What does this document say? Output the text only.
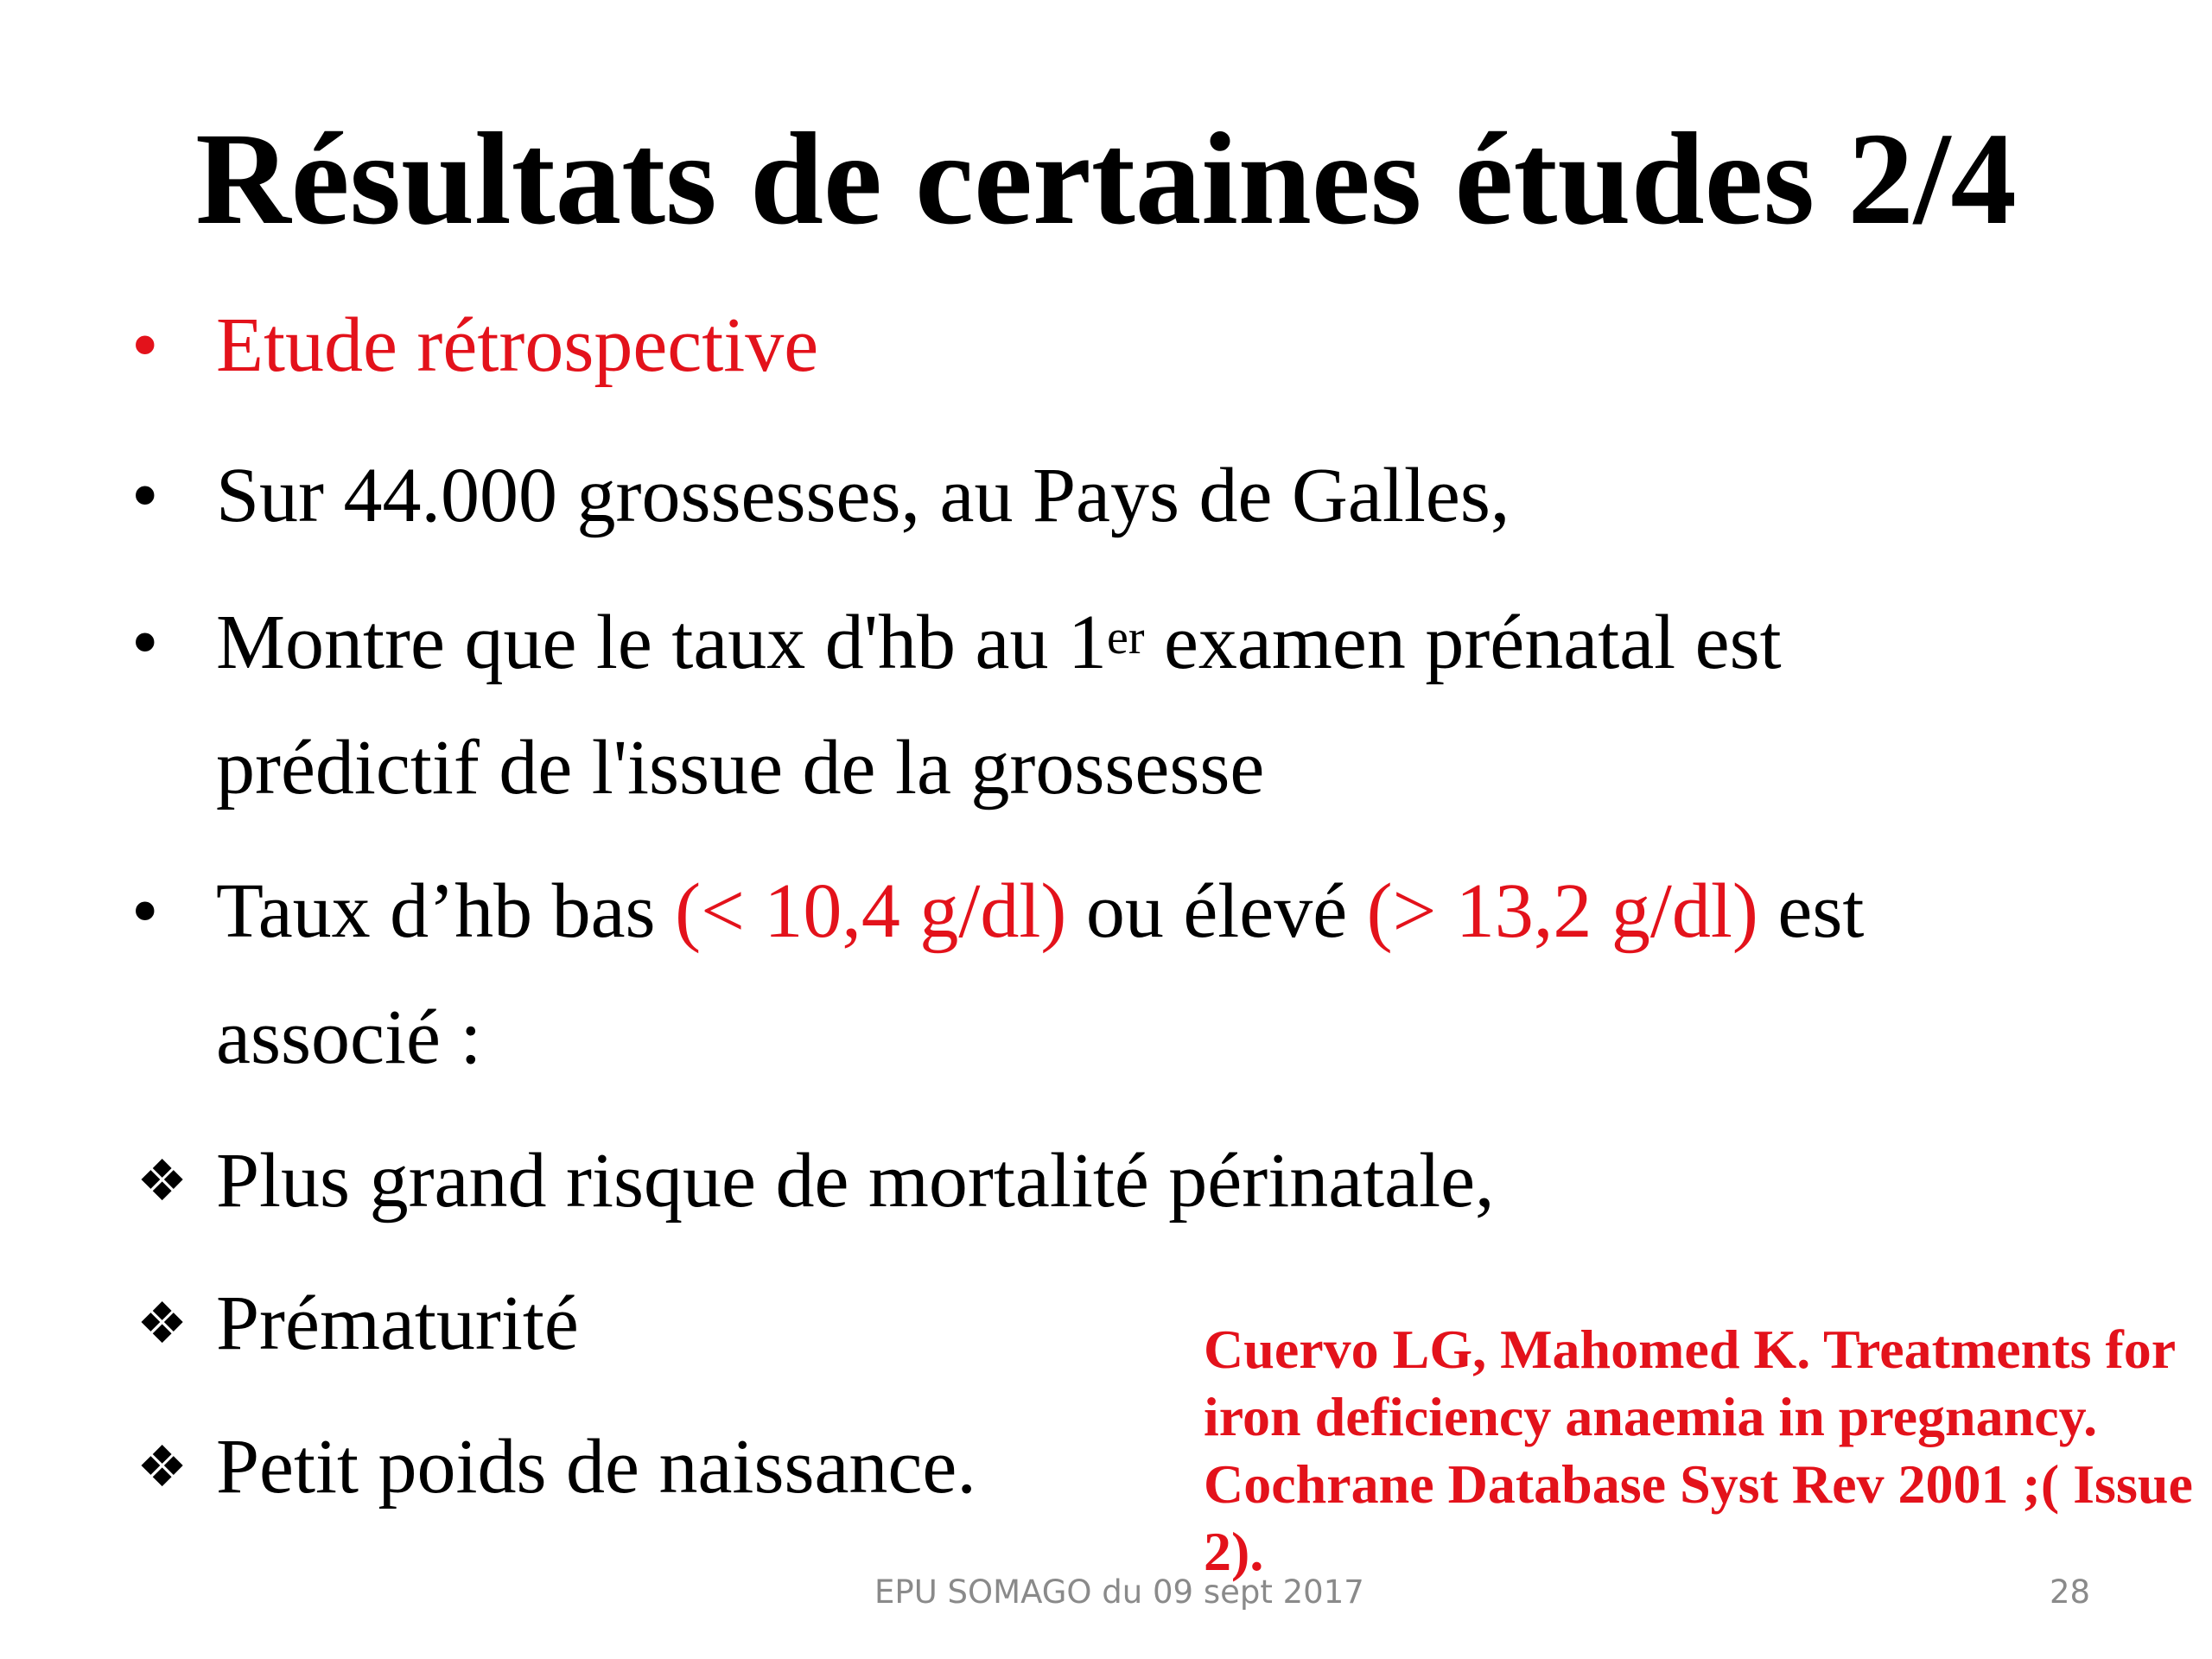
Résultats de certaines études 2/4
• Etude rétrospective
• Sur 44.000 grossesses, au Pays de Galles,
• Montre que le taux d'hb au 1er examen prénatal est
prédictif de l'issue de la grossesse
• Taux d’hb bas (< 10,4 g/dl) ou élevé (> 13,2 g/dl) est
associé :
❖ Plus grand risque de mortalité périnatale,
❖ Prématurité
❖ Petit poids de naissance.
Cuervo LG, Mahomed K. Treatments for
iron deficiency anaemia in pregnancy.
Cochrane Database Syst Rev 2001 ;( Issue
2).
EPU SOMAGO du 09 sept 2017	28
